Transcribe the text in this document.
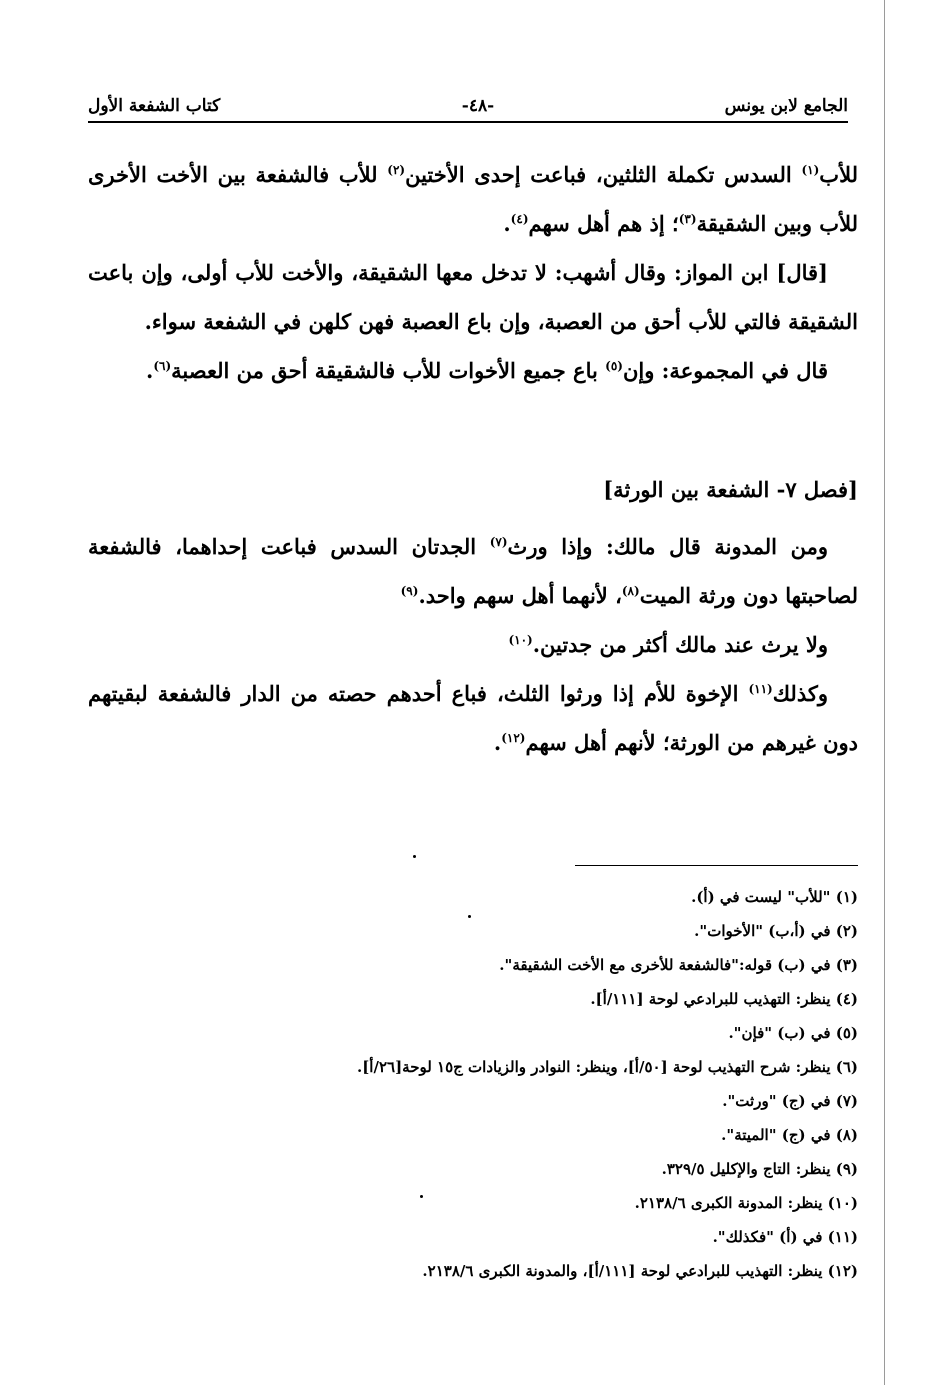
الجامع لابن يونس
-٤٨-
كتاب الشفعة الأول

للأب$^{(١)}$ السدس تكملة الثلثين، فباعت إحدى الأختين$^{(٢)}$ للأب فالشفعة بين الأخت الأخرى للأب وبين الشقيقة$^{(٣)}$؛ إذ هم أهل سهم$^{(٤)}$.

[قال] ابن المواز: وقال أشهب: لا تدخل معها الشقيقة، والأخت للأب أولى، وإن باعت الشقيقة فالتي للأب أحق من العصبة، وإن باع العصبة فهن كلهن في الشفعة سواء.

قال في المجموعة: وإن$^{(٥)}$ باع جميع الأخوات للأب فالشقيقة أحق من العصبة$^{(٦)}$.

[فصل ٧- الشفعة بين الورثة]

ومن المدونة قال مالك: وإذا ورث$^{(٧)}$ الجدتان السدس فباعت إحداهما، فالشفعة لصاحبتها دون ورثة الميت$^{(٨)}$، لأنهما أهل سهم واحد.$^{(٩)}$

ولا يرث عند مالك أكثر من جدتين.$^{(١٠)}$

وكذلك$^{(١١)}$ الإخوة للأم إذا ورثوا الثلث، فباع أحدهم حصته من الدار فالشفعة لبقيتهم دون غيرهم من الورثة؛ لأنهم أهل سهم$^{(١٢)}$.

(١) "للأب" ليست في (أ).
(٢) في (أ،ب) "الأخوات".
(٣) في (ب) قوله:"فالشفعة للأخرى مع الأخت الشقيقة".
(٤) ينظر: التهذيب للبرادعي لوحة [١١١/أ].
(٥) في (ب) "فإن".
(٦) ينظر: شرح التهذيب لوحة [٥٠/أ]، وينظر: النوادر والزيادات ج١٥ لوحة[٢٦/أ].
(٧) في (ج) "ورثت".
(٨) في (ج) "الميتة".
(٩) ينظر: التاج والإكليل ٣٢٩/٥.
(١٠) ينظر: المدونة الكبرى ٢١٣٨/٦.
(١١) في (أ) "فكذلك".
(١٢) ينظر: التهذيب للبرادعي لوحة [١١١/أ]، والمدونة الكبرى ٢١٣٨/٦.
